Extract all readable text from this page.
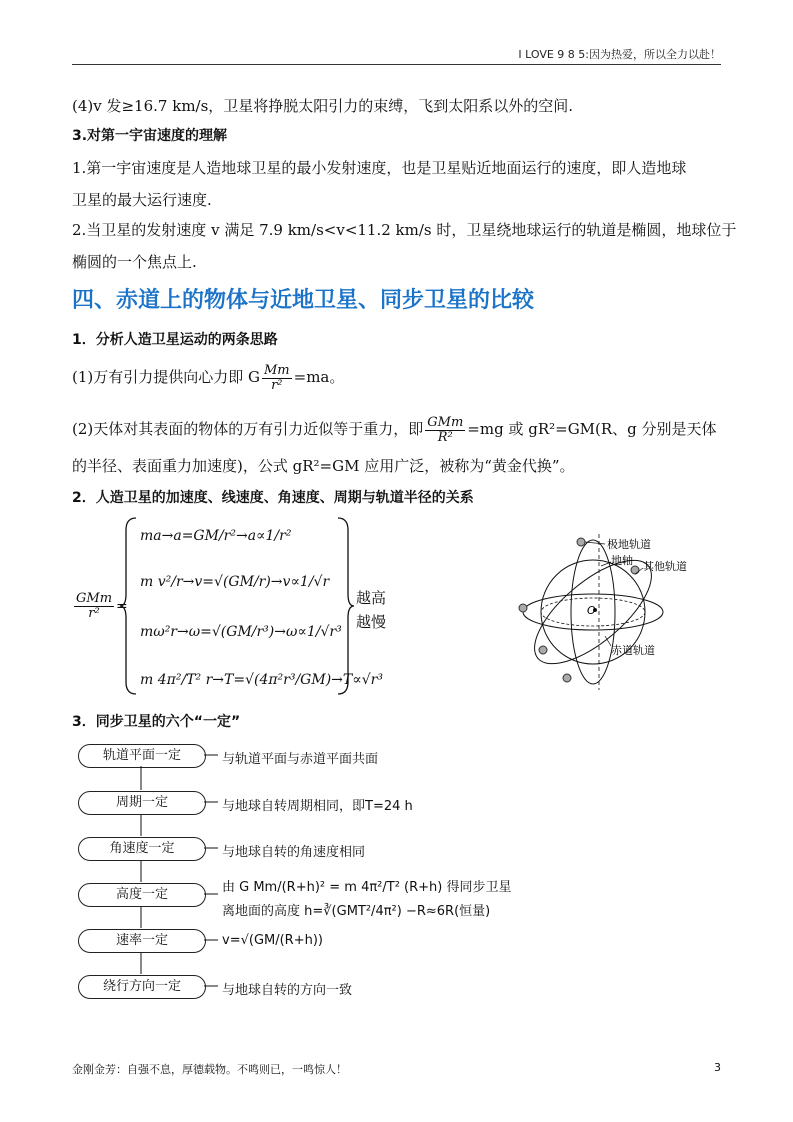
I LOVE 9 8 5:因为热爱，所以全力以赴！
(4)v 发≥16.7 km/s，卫星将挣脱太阳引力的束缚，飞到太阳系以外的空间.
3.对第一宇宙速度的理解
1.第一宇宙速度是人造地球卫星的最小发射速度，也是卫星贴近地面运行的速度，即人造地球
卫星的最大运行速度.
2.当卫星的发射速度 v 满足 7.9 km/s<v<11.2 km/s 时，卫星绕地球运行的轨道是椭圆，地球位于
椭圆的一个焦点上.
四、赤道上的物体与近地卫星、同步卫星的比较
1．分析人造卫星运动的两条思路
(1)万有引力提供向心力即 G $\frac{Mm}{\text{r²}} =ma$。
(2)天体对其表面的物体的万有引力近似等于重力，即 $\frac{\text{GMm}}{\text{R²}} =mg$ 或 gR²=GM(R、g 分别是天体
的半径、表面重力加速度)，公式 gR²=GM 应用广泛，被称为“黄金代换”。
2．人造卫星的加速度、线速度、角速度、周期与轨道半径的关系
$\frac{\text{GMm}}{\text{r²}}$ =
ma→a=GM/r²→a∝1/r²
m v²/r→v=√(GM/r)→v∝1/√r
mω²r→ω=√(GM/r³)→ω∝1/√r³
m 4π²/T² r→T=√(4π²r³/GM)→T∝√r³
越高
越慢
极地轨道
地轴 其他轨道
赤道轨道
O
3．同步卫星的六个“一定”
轨道平面一定	与轨道平面与赤道平面共面
周期一定	与地球自转周期相同，即T=24 h
角速度一定	与地球自转的角速度相同
高度一定	由 G Mm/(R+h)² = m 4π²/T² (R+h) 得同步卫星
离地面的高度 h=∛(GMT²/4π²) −R≈6R(恒量)
速率一定	v=√(GM/(R+h))
绕行方向一定	与地球自转的方向一致
金刚金芳：自强不息，厚德载物。不鸣则已，一鸣惊人！	3
